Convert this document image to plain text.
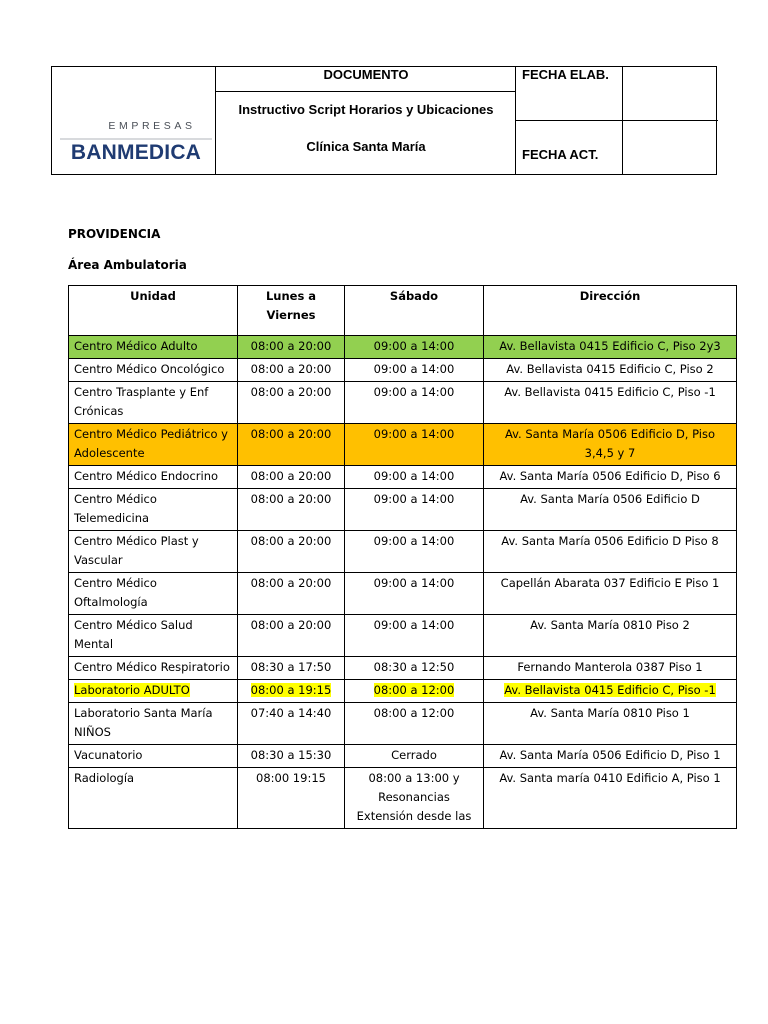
EMPRESAS
BANMEDICA
DOCUMENTO
Instructivo Script Horarios y Ubicaciones
Clínica Santa María
FECHA ELAB.
FECHA ACT.
PROVIDENCIA
Área Ambulatoria
Unidad	Lunes a Viernes	Sábado	Dirección
Centro Médico Adulto	08:00 a 20:00	09:00 a 14:00	Av. Bellavista 0415 Edificio C, Piso 2y3
Centro Médico Oncológico	08:00 a 20:00	09:00 a 14:00	Av. Bellavista 0415 Edificio C, Piso 2
Centro Trasplante y Enf Crónicas	08:00 a 20:00	09:00 a 14:00	Av. Bellavista 0415 Edificio C, Piso -1
Centro Médico Pediátrico y Adolescente	08:00 a 20:00	09:00 a 14:00	Av. Santa María 0506 Edificio D, Piso 3,4,5 y 7
Centro Médico Endocrino	08:00 a 20:00	09:00 a 14:00	Av. Santa María 0506 Edificio D, Piso 6
Centro Médico Telemedicina	08:00 a 20:00	09:00 a 14:00	Av. Santa María 0506 Edificio D
Centro Médico Plast y Vascular	08:00 a 20:00	09:00 a 14:00	Av. Santa María 0506 Edificio D Piso 8
Centro Médico Oftalmología	08:00 a 20:00	09:00 a 14:00	Capellán Abarata 037 Edificio E Piso 1
Centro Médico Salud Mental	08:00 a 20:00	09:00 a 14:00	Av. Santa María 0810 Piso 2
Centro Médico Respiratorio	08:30 a 17:50	08:30 a 12:50	Fernando Manterola 0387 Piso 1
Laboratorio ADULTO	08:00 a 19:15	08:00 a 12:00	Av. Bellavista 0415 Edificio C, Piso -1
Laboratorio Santa María NIÑOS	07:40 a 14:40	08:00 a 12:00	Av. Santa María 0810 Piso 1
Vacunatorio	08:30 a 15:30	Cerrado	Av. Santa María 0506 Edificio D, Piso 1
Radiología	08:00 19:15	08:00 a 13:00 y Resonancias Extensión desde las	Av. Santa maría 0410 Edificio A, Piso 1
